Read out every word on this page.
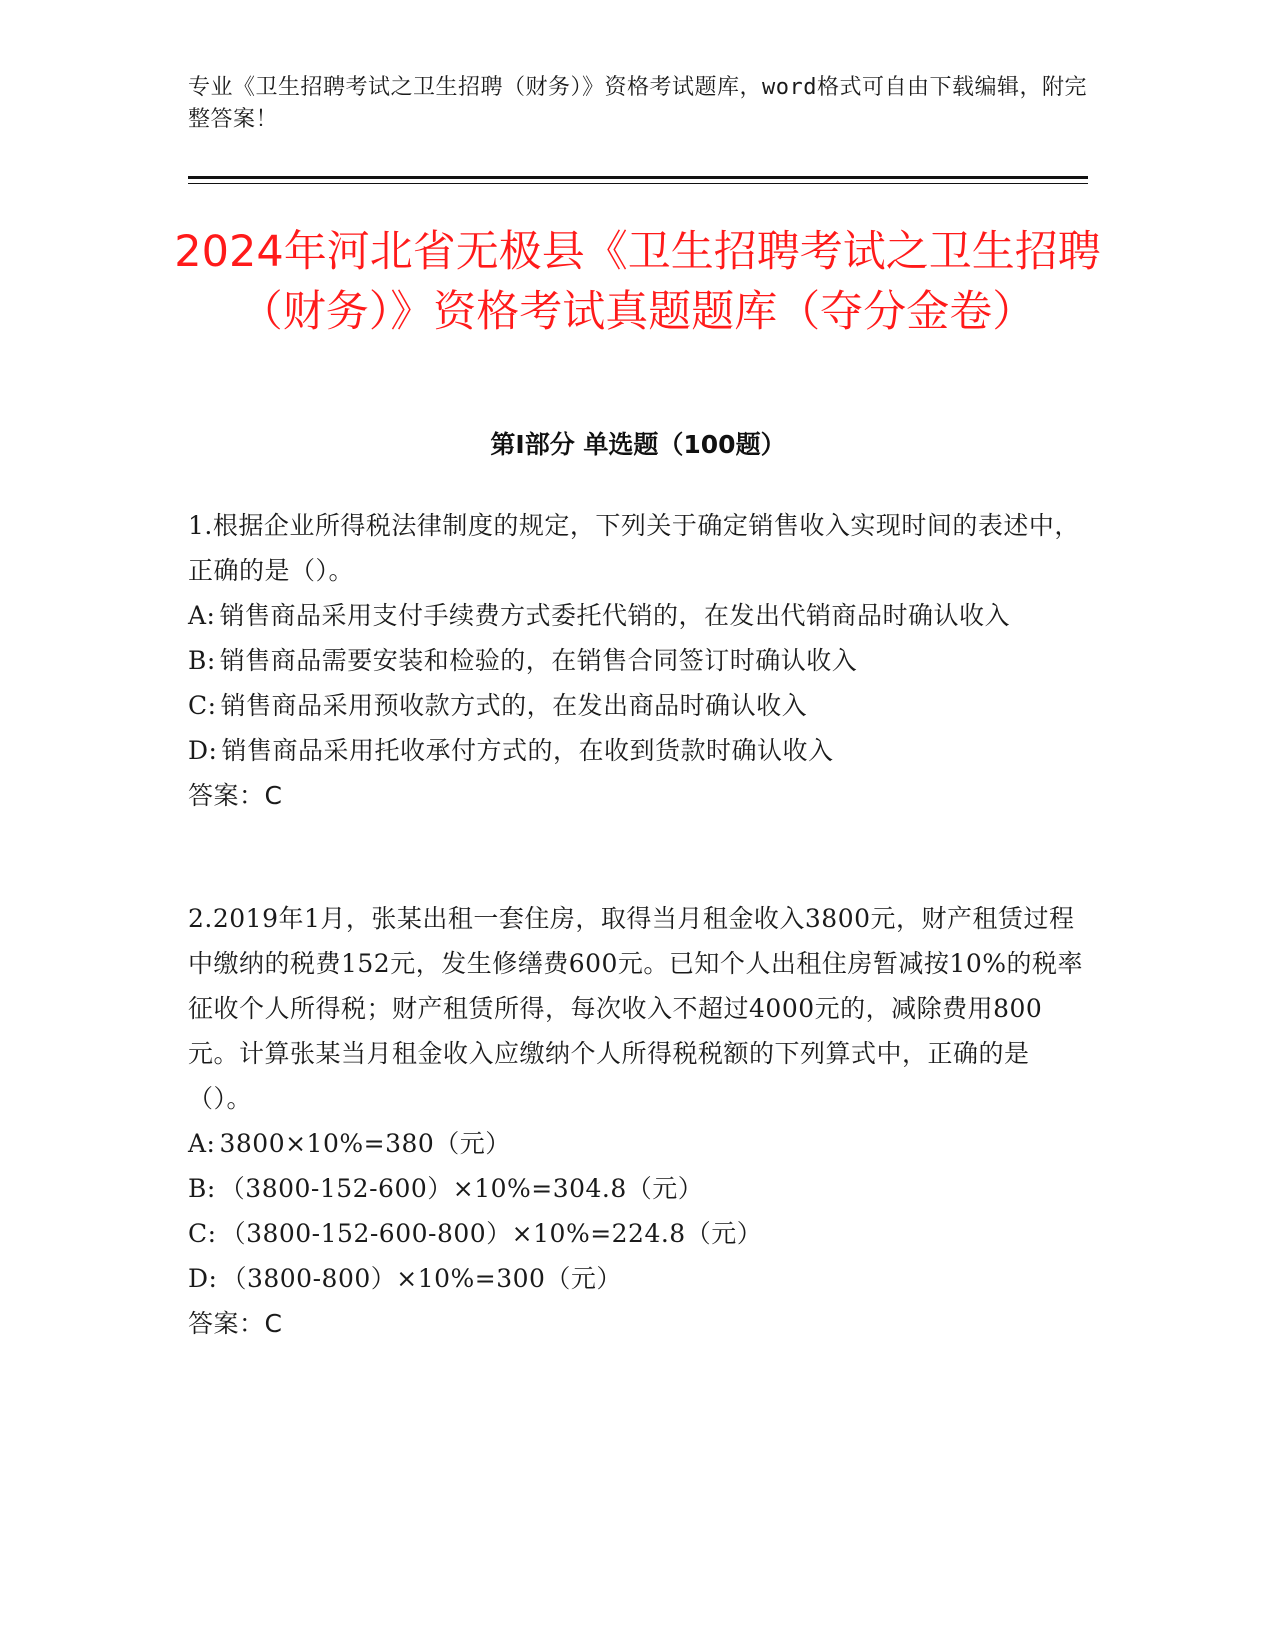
专业《卫生招聘考试之卫生招聘（财务）》资格考试题库，word格式可自由下载编辑，附完整答案！
2024年河北省无极县《卫生招聘考试之卫生招聘（财务）》资格考试真题题库（夺分金卷）
第I部分 单选题（100题）

1.根据企业所得税法律制度的规定，下列关于确定销售收入实现时间的表述中，正确的是（）。

A: 销售商品采用支付手续费方式委托代销的，在发出代销商品时确认收入

B: 销售商品需要安装和检验的，在销售合同签订时确认收入

C: 销售商品采用预收款方式的，在发出商品时确认收入

D: 销售商品采用托收承付方式的，在收到货款时确认收入

答案：C

2.2019年1月，张某出租一套住房，取得当月租金收入3800元，财产租赁过程中缴纳的税费152元，发生修缮费600元。已知个人出租住房暂减按10%的税率征收个人所得税；财产租赁所得，每次收入不超过4000元的，减除费用800元。计算张某当月租金收入应缴纳个人所得税税额的下列算式中，正确的是（）。

A: 3800×10%=380（元）

B: （3800-152-600）×10%=304.8（元）

C: （3800-152-600-800）×10%=224.8（元）

D: （3800-800）×10%=300（元）

答案：C
